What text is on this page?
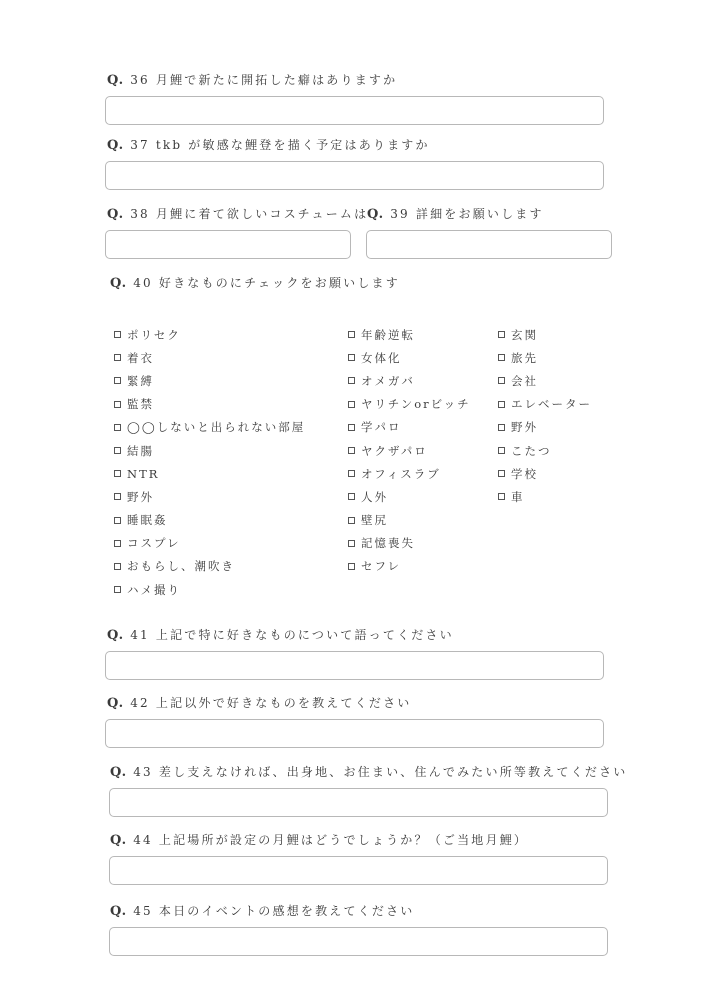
Q. 36 月鯉で新たに開拓した癖はありますか
Q. 37 tkb が敏感な鯉登を描く予定はありますか
Q. 38 月鯉に着て欲しいコスチュームは
Q. 39 詳細をお願いします
Q. 40 好きなものにチェックをお願いします
ポリセク
着衣
緊縛
監禁
◯◯しないと出られない部屋
結腸
NTR
野外
睡眠姦
コスプレ
おもらし、潮吹き
ハメ撮り
年齢逆転
女体化
オメガバ
ヤリチンorビッチ
学パロ
ヤクザパロ
オフィスラブ
人外
壁尻
記憶喪失
セフレ
玄関
旅先
会社
エレベーター
野外
こたつ
学校
車
Q. 41 上記で特に好きなものについて語ってください
Q. 42 上記以外で好きなものを教えてください
Q. 43 差し支えなければ、出身地、お住まい、住んでみたい所等教えてください
Q. 44 上記場所が設定の月鯉はどうでしょうか？（ご当地月鯉）
Q. 45 本日のイベントの感想を教えてください
